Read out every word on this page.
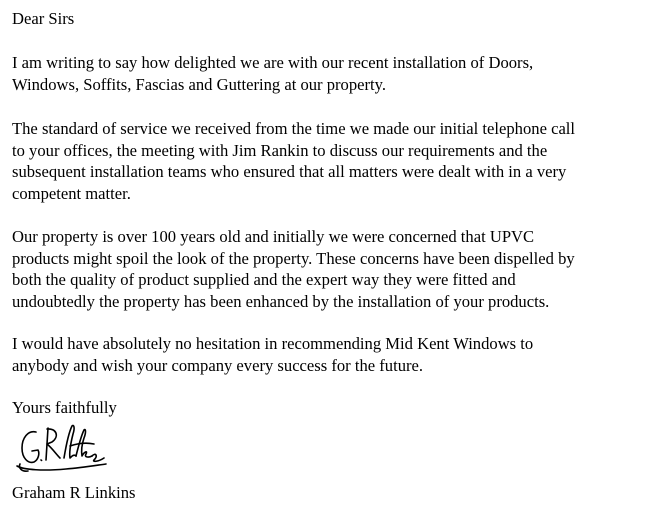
Dear Sirs

I am writing to say how delighted we are with our recent installation of Doors,

Windows, Soffits, Fascias and Guttering at our property.

The standard of service we received from the time we made our initial telephone call

to your offices, the meeting with Jim Rankin to discuss our requirements and the

subsequent installation teams who ensured that all matters were dealt with in a very

competent matter.

Our property is over 100 years old and initially we were concerned that UPVC

products might spoil the look of the property. These concerns have been dispelled by

both the quality of product supplied and the expert way they were fitted and

undoubtedly the property has been enhanced by the installation of your products.

I would have absolutely no hesitation in recommending Mid Kent Windows to

anybody and wish your company every success for the future.

Yours faithfully

Graham R Linkins
